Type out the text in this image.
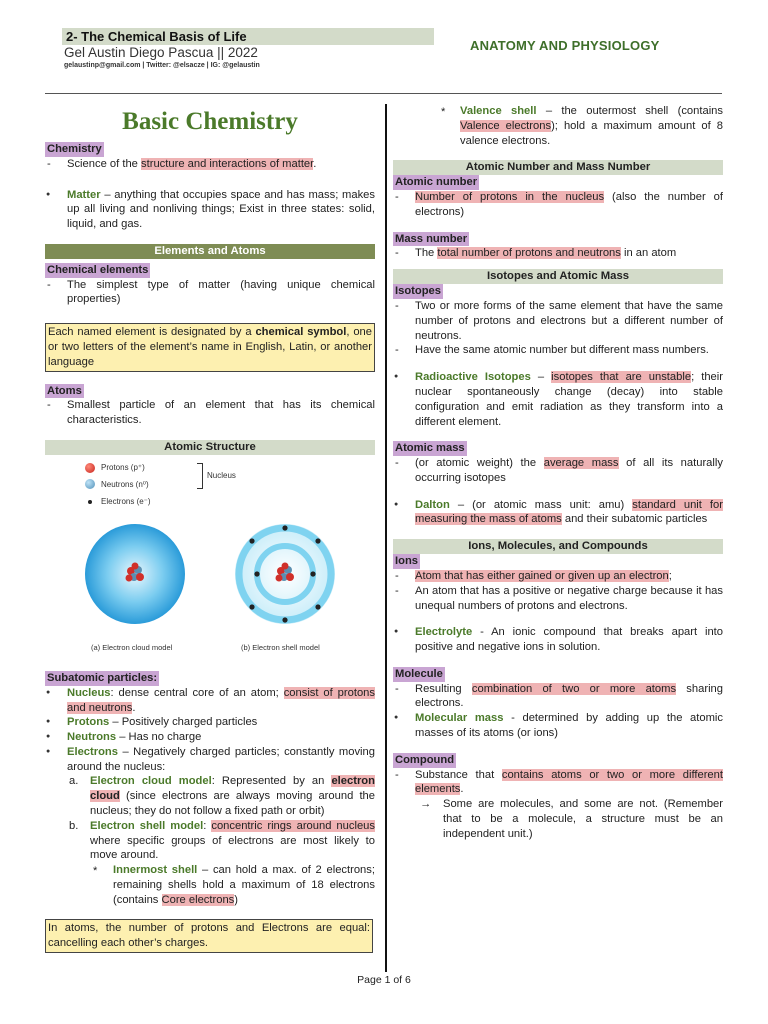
2- The Chemical Basis of Life
Gel Austin Diego Pascua || 2022
gelaustinp@gmail.com | Twitter: @elsacze | IG: @gelaustin
ANATOMY AND PHYSIOLOGY
Basic Chemistry
Chemistry
- Science of the structure and interactions of matter.
● Matter – anything that occupies space and has mass; makes up all living and nonliving things; Exist in three states: solid, liquid, and gas.
Elements and Atoms
Chemical elements
- The simplest type of matter (having unique chemical properties)
Each named element is designated by a chemical symbol, one or two letters of the element’s name in English, Latin, or another language
Atoms
- Smallest particle of an element that has its chemical characteristics.
Atomic Structure
Protons (p⁺)
Neutrons (n⁰)
Electrons (e⁻)
Nucleus
(a) Electron cloud model	(b) Electron shell model
Subatomic particles:
● Nucleus: dense central core of an atom; consist of protons and neutrons.
● Protons – Positively charged particles
● Neutrons – Has no charge
● Electrons – Negatively charged particles; constantly moving around the nucleus:
a. Electron cloud model: Represented by an electron cloud (since electrons are always moving around the nucleus; they do not follow a fixed path or orbit)
b. Electron shell model: concentric rings around nucleus where specific groups of electrons are most likely to move around.
* Innermost shell – can hold a max. of 2 electrons; remaining shells hold a maximum of 18 electrons (contains Core electrons)
In atoms, the number of protons and Electrons are equal: cancelling each other’s charges.
* Valence shell – the outermost shell (contains Valence electrons); hold a maximum amount of 8 valence electrons.
Atomic Number and Mass Number
Atomic number
- Number of protons in the nucleus (also the number of electrons)
Mass number
- The total number of protons and neutrons in an atom
Isotopes and Atomic Mass
Isotopes
- Two or more forms of the same element that have the same number of protons and electrons but a different number of neutrons.
- Have the same atomic number but different mass numbers.
● Radioactive Isotopes – isotopes that are unstable; their nuclear spontaneously change (decay) into stable configuration and emit radiation as they transform into a different element.
Atomic mass
- (or atomic weight) the average mass of all its naturally occurring isotopes
● Dalton – (or atomic mass unit: amu) standard unit for measuring the mass of atoms and their subatomic particles
Ions, Molecules, and Compounds
Ions
- Atom that has either gained or given up an electron;
- An atom that has a positive or negative charge because it has unequal numbers of protons and electrons.
● Electrolyte - An ionic compound that breaks apart into positive and negative ions in solution.
Molecule
- Resulting combination of two or more atoms sharing electrons.
● Molecular mass - determined by adding up the atomic masses of its atoms (or ions)
Compound
- Substance that contains atoms or two or more different elements.
→ Some are molecules, and some are not. (Remember that to be a molecule, a structure must be an independent unit.)
Page 1 of 6
